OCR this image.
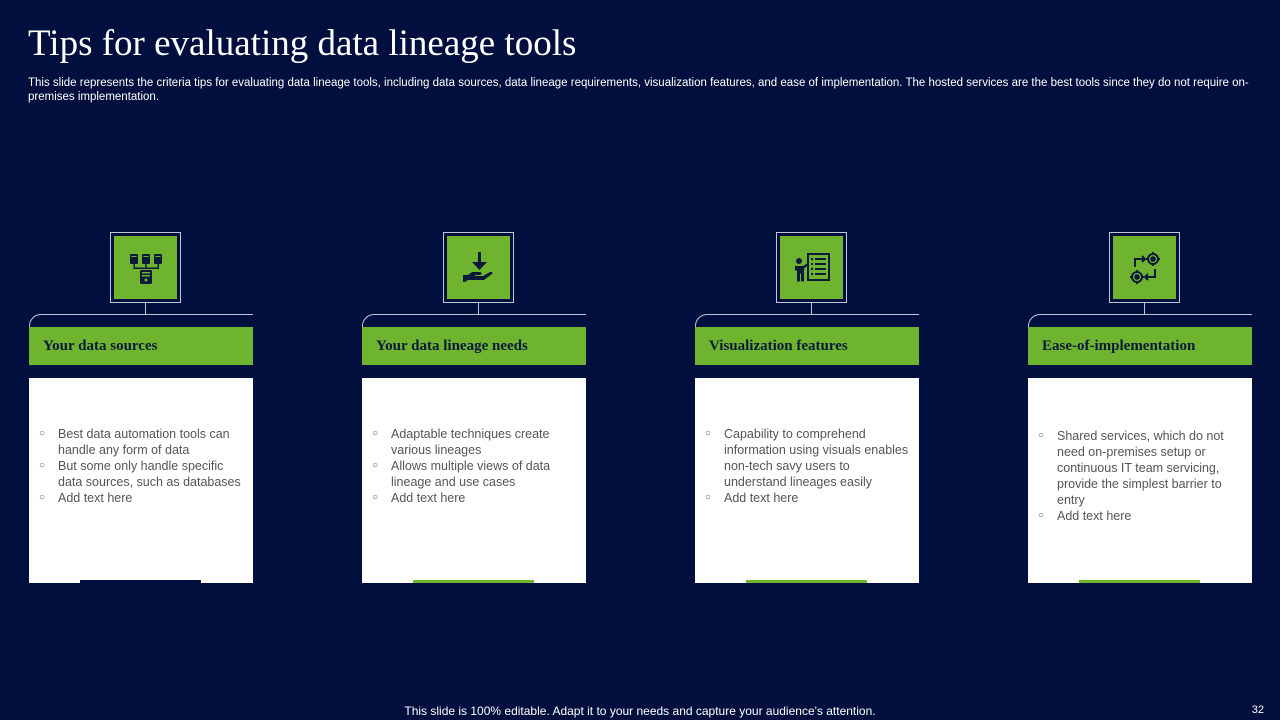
Tips for evaluating data lineage tools

This slide represents the criteria tips for evaluating data lineage tools, including data sources, data lineage requirements, visualization features, and ease of implementation. The hosted services are the best tools since they do not require on-premises implementation.

Your data sources
○ Best data automation tools can handle any form of data
○ But some only handle specific data sources, such as databases
○ Add text here
Your data lineage needs
○ Adaptable techniques create various lineages
○ Allows multiple views of data lineage and use cases
○ Add text here
Visualization features
○ Capability to comprehend information using visuals enables non-tech savy users to understand lineages easily
○ Add text here
Ease-of-implementation
○ Shared services, which do not need on-premises setup or continuous IT team servicing, provide the simplest barrier to entry
○ Add text here
This slide is 100% editable. Adapt it to your needs and capture your audience's attention.	32
